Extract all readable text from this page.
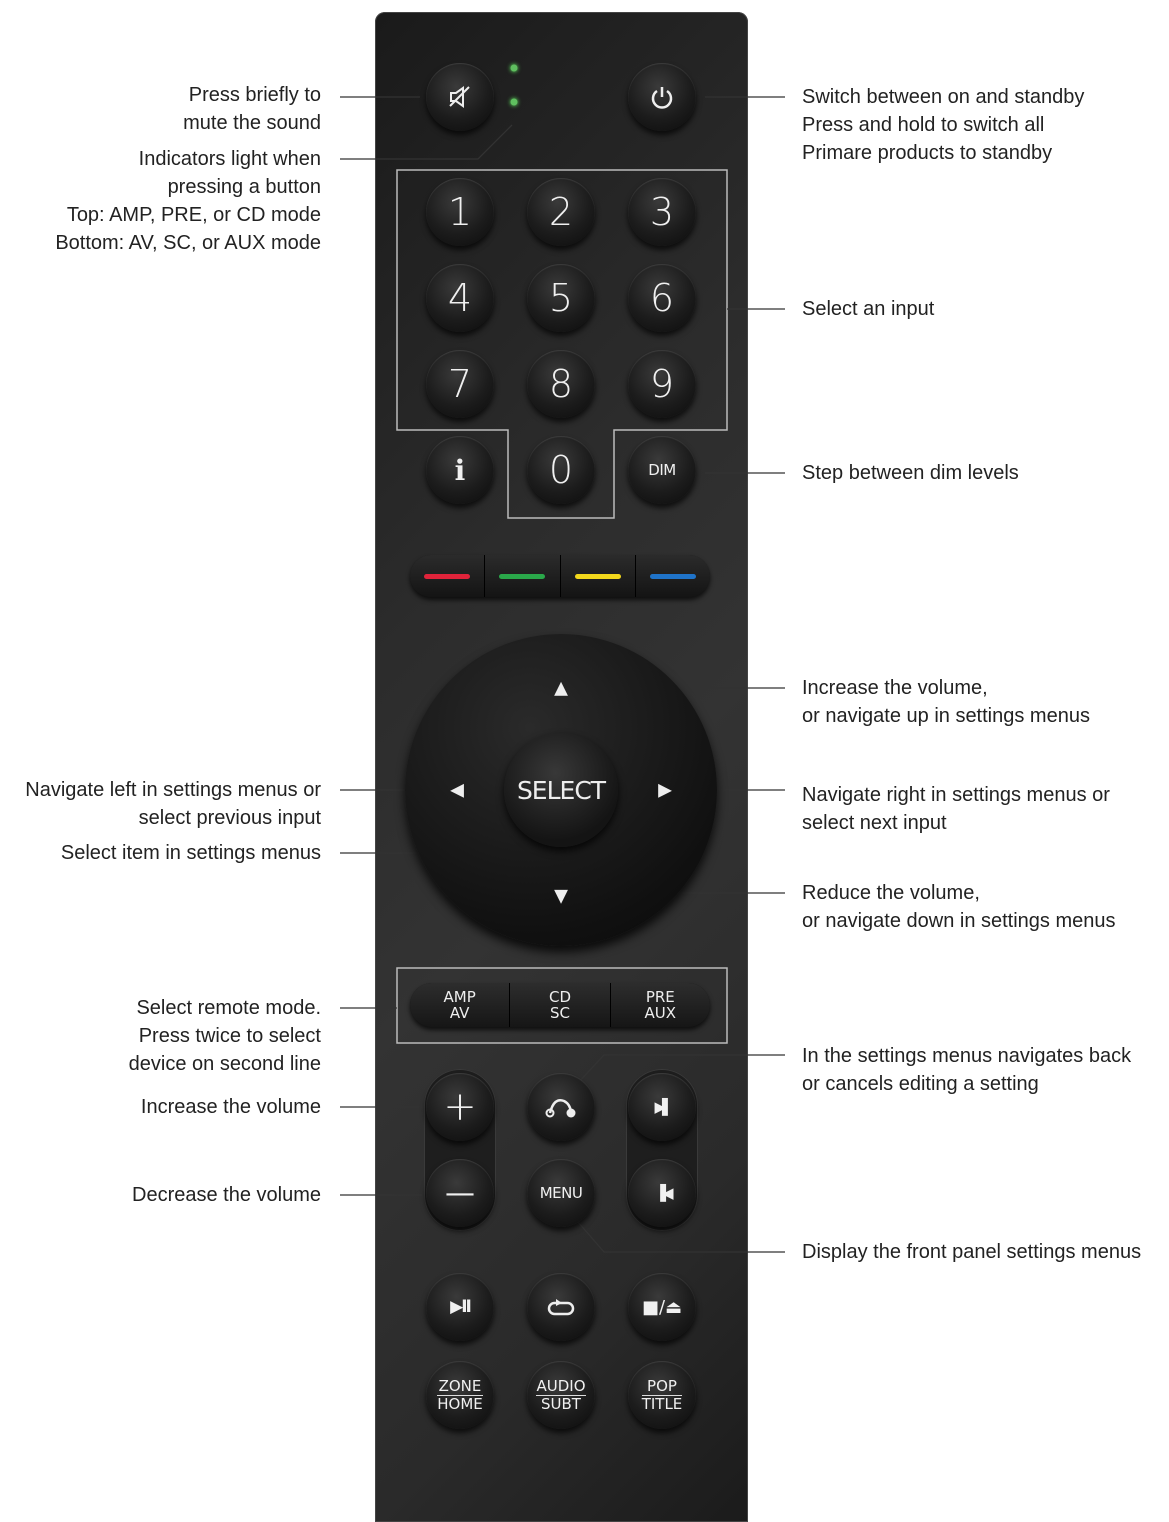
1	2	3
4	5	6
7	8	9
i	0	DIM
▲
◀	▶
▼
SELECT
AMP
AV
CD
SC
PRE
AUX
+
—	MENU
▶▌
▐◀
▶II	■/⏏
ZONE
HOME
AUDIO
SUBT
POP
TITLE
Press briefly to
mute the sound
Indicators light when
pressing a button
Top: AMP, PRE, or CD mode
Bottom: AV, SC, or AUX mode
Navigate left in settings menus or
select previous input
Select item in settings menus
Select remote mode.
Press twice to select
device on second line
Increase the volume
Decrease the volume
Switch between on and standby
Press and hold to switch all
Primare products to standby
Select an input
Step between dim levels
Increase the volume,
or navigate up in settings menus
Navigate right in settings menus or
select next input
Reduce the volume,
or navigate down in settings menus
In the settings menus navigates back
or cancels editing a setting
Display the front panel settings menus
